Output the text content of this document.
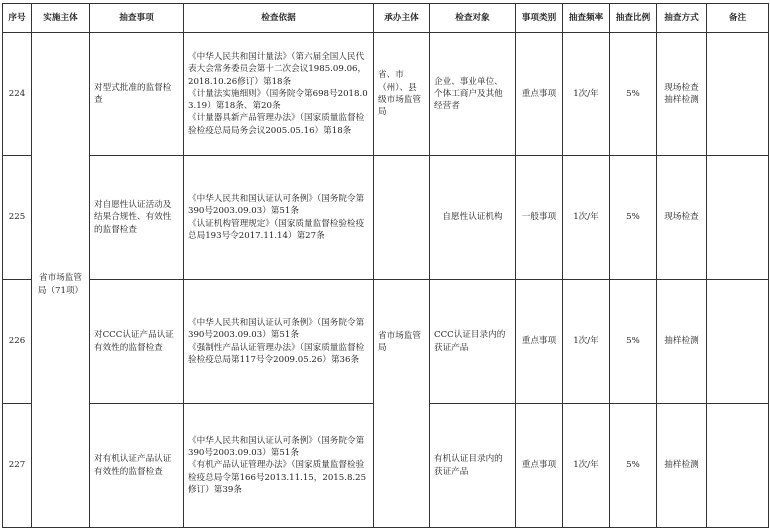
序号	实施主体	抽查事项	检查依据	承办主体	检查对象	事项类别	抽查频率	抽查比例	抽查方式	备注
224	省市场监管局（71项）	对型式批准的监督检查	《中华人民共和国计量法》（第六届全国人民代表大会常务委员会第十二次会议1985.09.06，2018.10.26修订）第18条
《计量法实施细则》（国务院令第698号2018.03.19）第18条、第20条
《计量器具新产品管理办法》（国家质量监督检验检疫总局局务会议2005.05.16）第18条	省、市（州）、县级市场监管局	企业、事业单位、个体工商户及其他经营者	重点事项	1次/年	5%	现场检查抽样检测	
225		对自愿性认证活动及结果合规性、有效性的监督检查	《中华人民共和国认证认可条例》（国务院令第390号2003.09.03）第51条
《认证机构管理规定》（国家质量监督检验检疫总局193号令2017.11.14）第27条		自愿性认证机构	一般事项	1次/年	5%	现场检查	
226		对CCC认证产品认证有效性的监督检查	《中华人民共和国认证认可条例》（国务院令第390号2003.09.03）第51条
《强制性产品认证管理办法》（国家质量监督检验检疫总局第117号令2009.05.26）第36条	省市场监管局	CCC认证目录内的获证产品	重点事项	1次/年	5%	抽样检测	
227		对有机认证产品认证有效性的监督检查	《中华人民共和国认证认可条例》（国务院令第390号2003.09.03）第51条
《有机产品认证管理办法》（国家质量监督检验检疫总局令第166号2013.11.15，2015.8.25修订）第39条		有机认证目录内的获证产品	重点事项	1次/年	5%	抽样检测	
